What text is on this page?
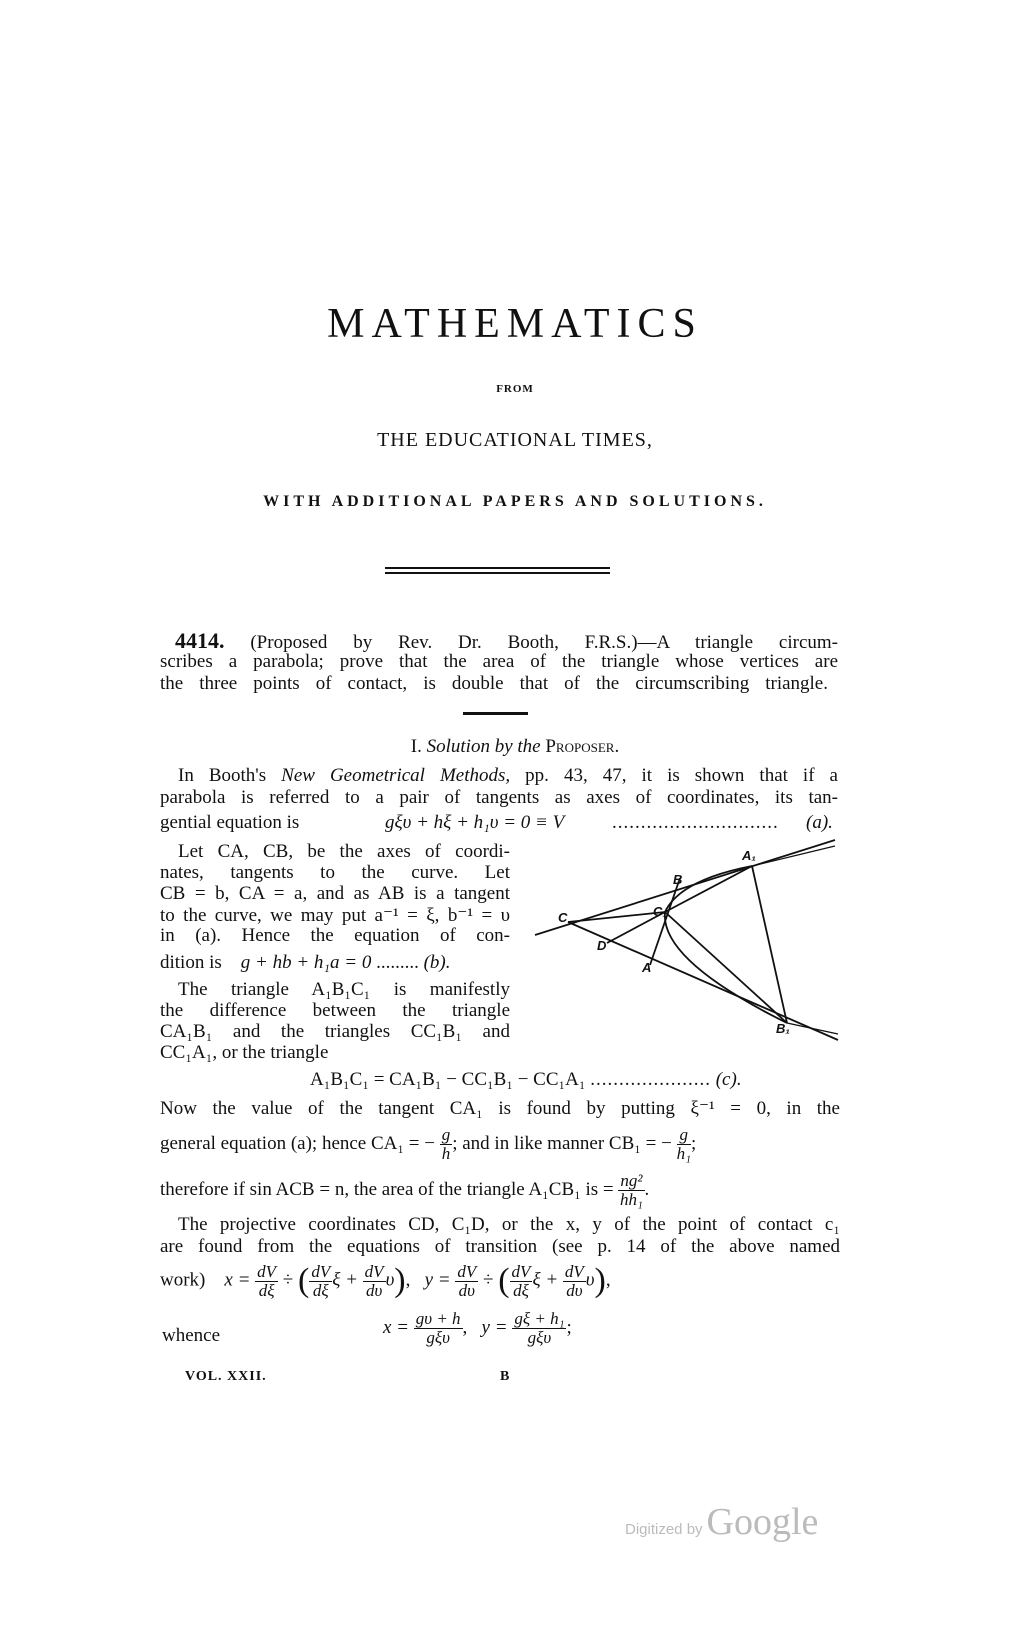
MATHEMATICS
FROM
THE EDUCATIONAL TIMES,
WITH ADDITIONAL PAPERS AND SOLUTIONS.
4414. (Proposed by Rev. Dr. Booth, F.R.S.)—A triangle circum-
scribes a parabola; prove that the area of the triangle whose vertices are
the three points of contact, is double that of the circumscribing triangle.
I. Solution by the Proposer.
In Booth's New Geometrical Methods, pp. 43, 47, it is shown that if a
parabola is referred to a pair of tangents as axes of coordinates, its tan-
gential equation is	gξυ + hξ + h₁υ = 0 ≡ V	............................. (a).
Let CA, CB, be the axes of coordi-
nates, tangents to the curve. Let
CB = b, CA = a, and as AB is a tangent
to the curve, we may put a⁻¹ = ξ, b⁻¹ = υ
in (a). Hence the equation of con-
dition is g + hb + h₁a = 0 ......... (b).
The triangle A₁B₁C₁ is manifestly
the difference between the triangle
CA₁B₁ and the triangles CC₁B₁ and
CC₁A₁, or the triangle
A₁
B
C	C₁
D
A
B₁
A₁B₁C₁ = CA₁B₁ − CC₁B₁ − CC₁A₁ ..................... (c).
Now the value of the tangent CA₁ is found by putting ξ⁻¹ = 0, in the
general equation (a); hence CA₁ = − $\frac{g}{h}$ ; and in like manner CB₁ = − $\frac{g}{\text{h₁}}$ ;
therefore if sin ACB = n, the area of the triangle A₁CB₁ is = $\frac{\text{ng²}}{\text{hh₁}}$ .
The projective coordinates CD, C₁D, or the x, y of the point of contact c₁
are found from the equations of transition (see p. 14 of the above named
work) $x = \frac{dV}{d\xi}$ ÷ ( $\frac{dV}{d\xi}$ $\xi + \frac{dV}{d\upsilon} \upsilon$),   $y = \frac{dV}{d\upsilon}$ ÷ ( $\frac{dV}{d\xi}$ $\xi + \frac{dV}{d\upsilon} \upsilon$),
whence	$x = \frac{g\upsilon + h}{\text{gξυ}}$ ,   $y = \frac{\text{gξ + h₁}}{\text{gξυ}}$ ;
VOL. XXII.	B
Digitized by Google
